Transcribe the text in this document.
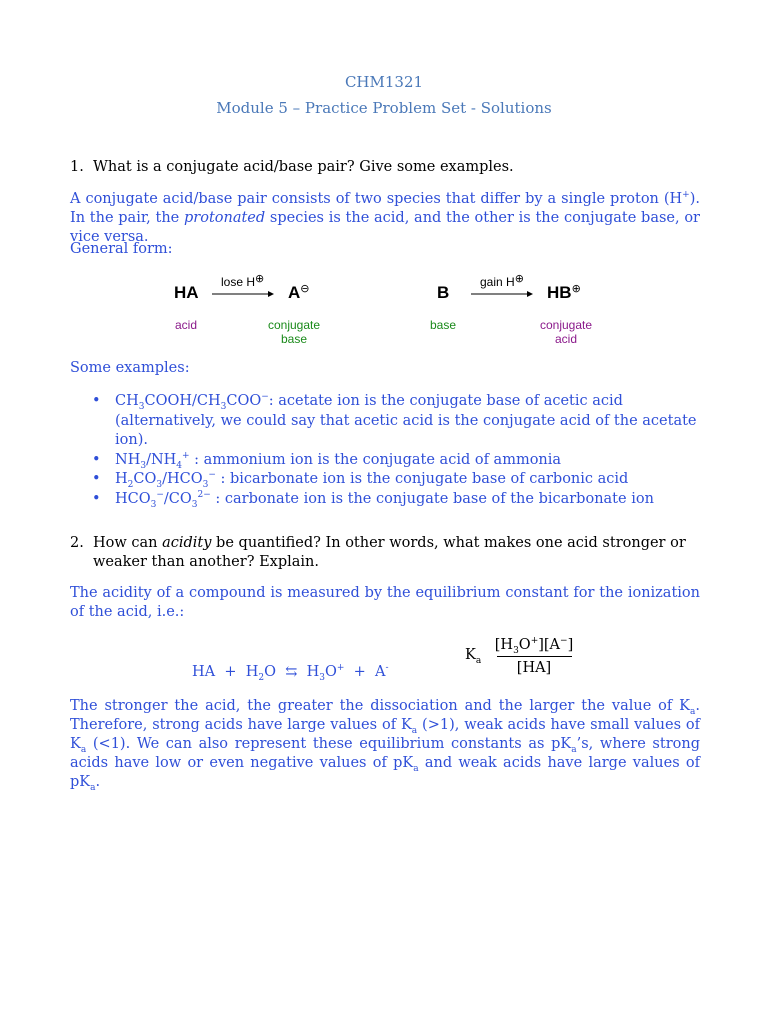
CHM1321
Module 5 – Practice Problem Set - Solutions
1. What is a conjugate acid/base pair? Give some examples.
A conjugate acid/base pair consists of two species that differ by a single proton (H+). In the pair, the protonated species is the acid, and the other is the conjugate base, or vice versa.
General form:
HA
lose H⊕
→ A⊖
acid	conjugate base
B
gain H⊕
→ HB⊕
base	conjugate acid
Some examples:
• $CH_3COOH/CH_3COO^-$: acetate ion is the conjugate base of acetic acid (alternatively, we could say that acetic acid is the conjugate acid of the acetate ion).
• $NH_3/NH_4^+$ : ammonium ion is the conjugate acid of ammonia
• $H_2CO_3/HCO_3^-$ : bicarbonate ion is the conjugate base of carbonic acid
• $HCO_3^-/CO_3^{2-}$ : carbonate ion is the conjugate base of the bicarbonate ion
2. How can acidity be quantified? In other words, what makes one acid stronger or weaker than another? Explain.
The acidity of a compound is measured by the equilibrium constant for the ionization of the acid, i.e.:
HA  +  $H_2O$  ⇆  $H_3O^+ + A^-$
$K_a$
$[H_3O^+][A^-]$
[HA]
The stronger the acid, the greater the dissociation and the larger the value of $K_a$. Therefore, strong acids have large values of $K_a$ (>1), weak acids have small values of $K_a$ (<1). We can also represent these equilibrium constants as $pK_a’s$, where strong acids have low or even negative values of $pK_a$ and weak acids have large values of $pK_a$.
